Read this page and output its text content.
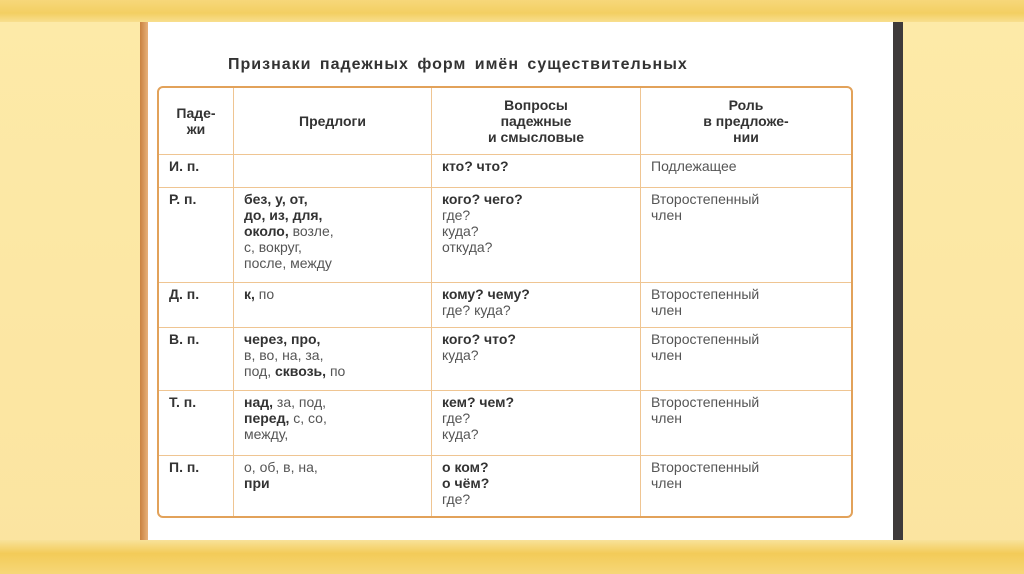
Признаки падежных форм имён существительных
Паде-
жи	Предлоги	Вопросы
падежные
и смысловые	Роль
в предложе-
нии
И. п.		кто? что?	Подлежащее
Р. п.	без, у, от,
до, из, для,
около, возле,
с, вокруг,
после, между	кого? чего?
где?
куда?
откуда?	Второстепенный
член
Д. п.	к, по	кому? чему?
где? куда?	Второстепенный
член
В. п.	через, про,
в, во, на, за,
под, сквозь, по	кого? что?
куда?	Второстепенный
член
Т. п.	над, за, под,
перед, с, со,
между,	кем? чем?
где?
куда?	Второстепенный
член
П. п.	о, об, в, на,
при	о ком?
о чём?
где?	Второстепенный
член
